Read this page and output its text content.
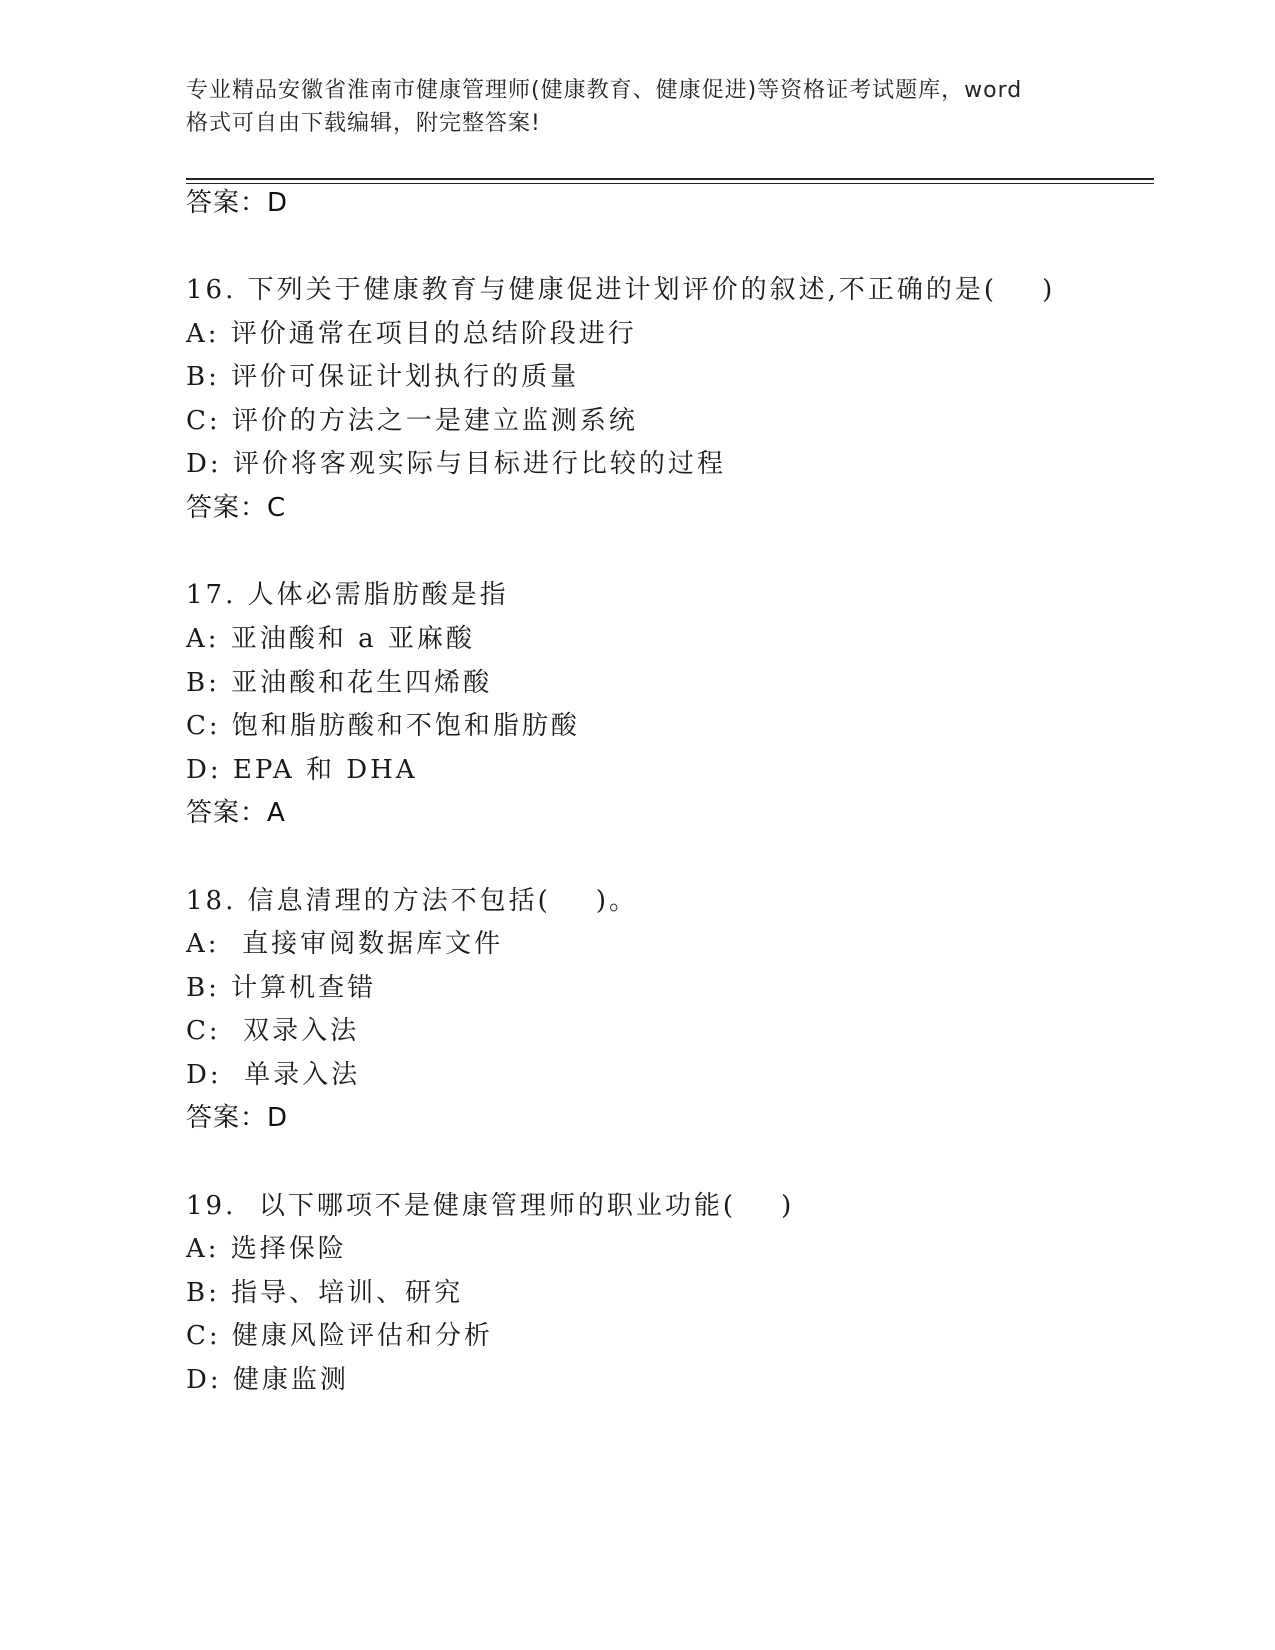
专业精品安徽省淮南市健康管理师(健康教育、健康促进)等资格证考试题库，word
格式可自由下载编辑，附完整答案!
答案：D
16. 下列关于健康教育与健康促进计划评价的叙述,不正确的是(    )
A: 评价通常在项目的总结阶段进行
B: 评价可保证计划执行的质量
C: 评价的方法之一是建立监测系统
D: 评价将客观实际与目标进行比较的过程
答案：C
17. 人体必需脂肪酸是指
A: 亚油酸和 a 亚麻酸
B: 亚油酸和花生四烯酸
C: 饱和脂肪酸和不饱和脂肪酸
D: EPA 和 DHA
答案：A
18. 信息清理的方法不包括(    )。
A:  直接审阅数据库文件
B: 计算机查错
C:  双录入法
D:  单录入法
答案：D
19.  以下哪项不是健康管理师的职业功能(    )
A: 选择保险
B: 指导、培训、研究
C: 健康风险评估和分析
D: 健康监测
